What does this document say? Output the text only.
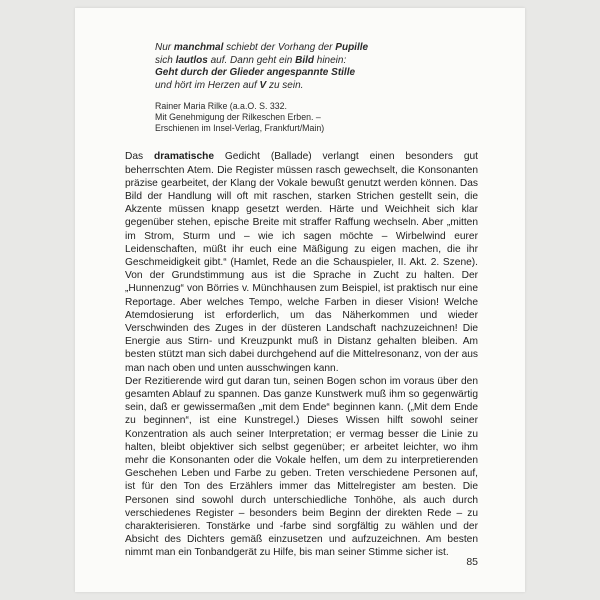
Nur manchmal schiebt der Vorhang der Pupille
sich lautlos auf. Dann geht ein Bild hinein:
Geht durch der Glieder angespannte Stille
und hört im Herzen auf V zu sein.
Rainer Maria Rilke (a.a.O. S. 332.
Mit Genehmigung der Rilkeschen Erben. –
Erschienen im Insel-Verlag, Frankfurt/Main)

Das dramatische Gedicht (Ballade) verlangt einen besonders gut beherrschten Atem. Die Register müssen rasch gewechselt, die Konsonanten präzise gearbeitet, der Klang der Vokale bewußt genutzt werden können. Das Bild der Handlung will oft mit raschen, starken Strichen gestellt sein, die Akzente müssen knapp gesetzt werden. Härte und Weichheit sich klar gegenüber stehen, epische Breite mit straffer Raffung wechseln. Aber „mitten im Strom, Sturm und – wie ich sagen möchte – Wirbelwind eurer Leidenschaften, müßt ihr euch eine Mäßigung zu eigen machen, die ihr Geschmeidigkeit gibt.“ (Hamlet, Rede an die Schauspieler, II. Akt. 2. Szene). Von der Grundstimmung aus ist die Sprache in Zucht zu halten. Der „Hunnenzug“ von Börries v. Münchhausen zum Beispiel, ist praktisch nur eine Reportage. Aber welches Tempo, welche Farben in dieser Vision! Welche Atemdosierung ist erforderlich, um das Näherkommen und wieder Verschwinden des Zuges in der düsteren Landschaft nachzuzeichnen! Die Energie aus Stirn- und Kreuzpunkt muß in Distanz gehalten bleiben. Am besten stützt man sich dabei durchgehend auf die Mittelresonanz, von der aus man nach oben und unten ausschwingen kann.

Der Rezitierende wird gut daran tun, seinen Bogen schon im voraus über den gesamten Ablauf zu spannen. Das ganze Kunstwerk muß ihm so gegenwärtig sein, daß er gewissermaßen „mit dem Ende“ beginnen kann. („Mit dem Ende zu beginnen“, ist eine Kunstregel.) Dieses Wissen hilft sowohl seiner Konzentration als auch seiner Interpretation; er vermag besser die Linie zu halten, bleibt objektiver sich selbst gegenüber; er arbeitet leichter, wo ihm mehr die Konsonanten oder die Vokale helfen, um dem zu interpretierenden Geschehen Leben und Farbe zu geben. Treten verschiedene Personen auf, ist für den Ton des Erzählers immer das Mittelregister am besten. Die Personen sind sowohl durch unterschiedliche Tonhöhe, als auch durch verschiedenes Register – besonders beim Beginn der direkten Rede – zu charakterisieren. Tonstärke und -farbe sind sorgfältig zu wählen und der Absicht des Dichters gemäß einzusetzen und aufzuzeichnen. Am besten nimmt man ein Tonbandgerät zu Hilfe, bis man seiner Stimme sicher ist.

85
